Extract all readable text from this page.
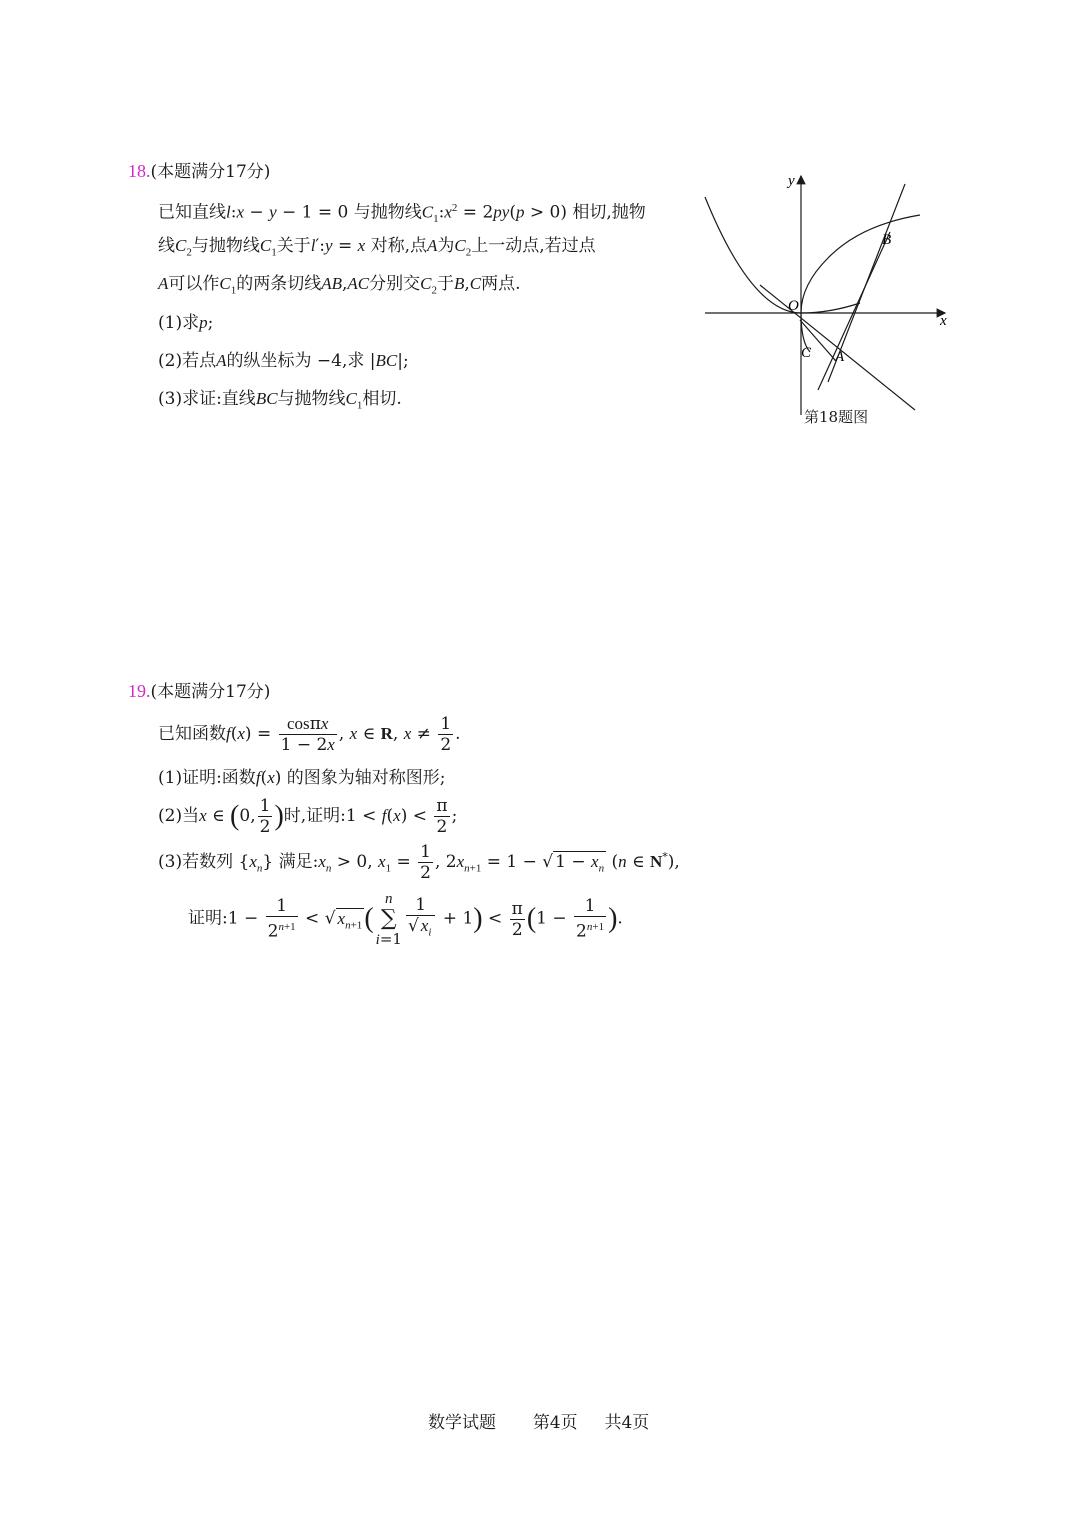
18.(本题满分17分)
已知直线l:x − y − 1 = 0 与抛物线$C_1:x^2 = 2py(p > 0)$ 相切,抛物
线$C_2$与抛物线$C_1$关于l′:y = x 对称,点A为$C_2$上一动点,若过点
A可以作$C_1$的两条切线AB,AC分别交$C_2$于B,C两点.
(1)求p;
(2)若点A的纵坐标为 −4,求 |BC|;
(3)求证:直线BC与抛物线$C_1$相切.
y
x
O
B
C A
第18题图
19.(本题满分17分)
已知函数$f(x) = \frac{\cos\pi x}{1 - 2x}$ , x ∈ R, $x \ne \frac{1}{2}$ .
(1)证明:函数f(x) 的图象为轴对称图形;
(2)当x ∈ (0, $\frac{1}{2}$ )时,证明:1 < $f(x) < \frac{\pi}{2}$ ;
(3)若数列 $\{x_n\}$ 满足$:x_n > 0$, $x_1 = \frac{1}{2}$ , $2x_{n+1} = 1$ − √ $1 - x_n$ (n ∈ N*),
证明:1 − $\frac{1}{2^{n+1}}$ < √ $x_{n+1}$(
n
∑
$i=1 \frac{1}{√ x_i} + 1) < \frac{\pi}{2} (1 - \frac{1}{2^{n+1}}$ ).
数学试题 第4页 共4页
